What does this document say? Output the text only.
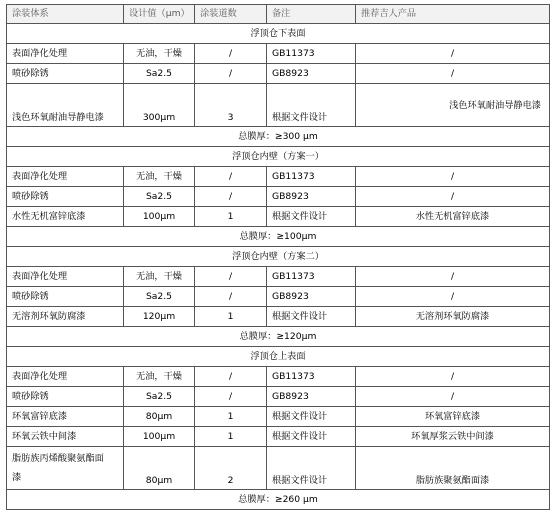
涂装体系	设计值（μm）	涂装道数	备注	推荐吉人产品
浮顶仓下表面				
表面净化处理	无油，干燥	/	GB11373	/
喷砂除锈	Sa2.5	/	GB8923	/
浅色环氧耐油导静电漆	300μm	3	根据文件设计	浅色环氧耐油导静电漆
总膜厚：≥300 μm				
浮顶仓内壁（方案一）				
表面净化处理	无油，干燥	/	GB11373	/
喷砂除锈	Sa2.5	/	GB8923	/
水性无机富锌底漆	100μm	1	根据文件设计	水性无机富锌底漆
总膜厚：≥100μm				
浮顶仓内壁（方案二）				
表面净化处理	无油，干燥	/	GB11373	/
喷砂除锈	Sa2.5	/	GB8923	/
无溶剂环氧防腐漆	120μm	1	根据文件设计	无溶剂环氧防腐漆
总膜厚：≥120μm				
浮顶仓上表面				
表面净化处理	无油，干燥	/	GB11373	/
喷砂除锈	Sa2.5	/	GB8923	/
环氧富锌底漆	80μm	1	根据文件设计	环氧富锌底漆
环氧云铁中间漆	100μm	1	根据文件设计	环氧厚浆云铁中间漆
脂肪族丙烯酸聚氨酯面漆	80μm	2	根据文件设计	脂肪族聚氨酯面漆
总膜厚：≥260 μm				
